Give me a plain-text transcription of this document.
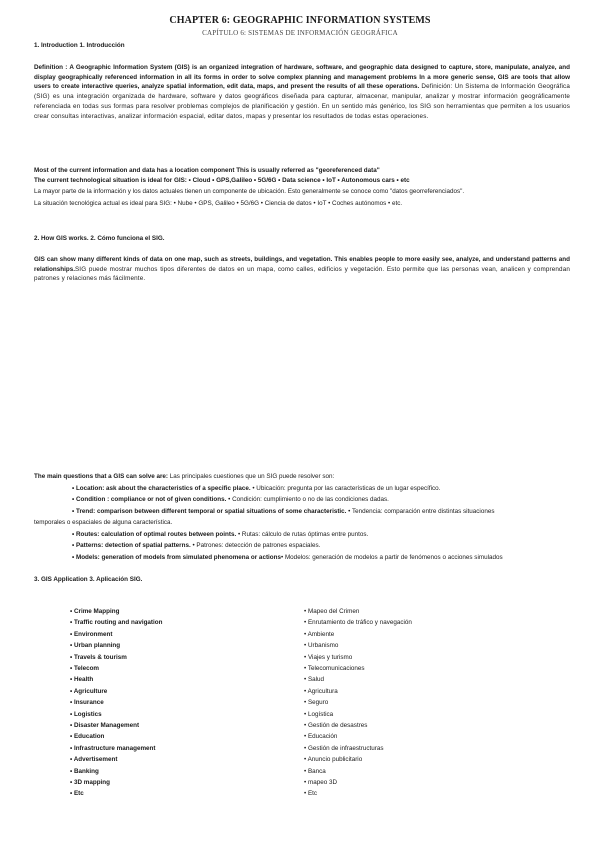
CHAPTER 6: GEOGRAPHIC INFORMATION SYSTEMS
CAPÍTULO 6: SISTEMAS DE INFORMACIÓN GEOGRÁFICA
1. Introduction 1. Introducción
Definition : A Geographic Information System (GIS) is an organized integration of hardware, software, and geographic data designed to capture, store, manipulate, analyze, and display geographically referenced information in all its forms in order to solve complex planning and management problems In a more generic sense, GIS are tools that allow users to create interactive queries, analyze spatial information, edit data, maps, and present the results of all these operations. Definición: Un Sistema de Información Geográfica (SIG) es una integración organizada de hardware, software y datos geográficos diseñada para capturar, almacenar, manipular, analizar y mostrar información geográficamente referenciada en todas sus formas para resolver problemas complejos de planificación y gestión. En un sentido más genérico, los SIG son herramientas que permiten a los usuarios crear consultas interactivas, analizar información espacial, editar datos, mapas y presentar los resultados de todas estas operaciones.
Most of the current information and data has a location component This is usually referred as "georeferenced data"
The current technological situation is ideal for GIS: • Cloud • GPS,Galileo • 5G/6G • Data science • IoT • Autonomous cars • etc
La mayor parte de la información y los datos actuales tienen un componente de ubicación. Esto generalmente se conoce como "datos georreferenciados".
La situación tecnológica actual es ideal para SIG: • Nube • GPS, Galileo • 5G/6G • Ciencia de datos • IoT • Coches autónomos • etc.
2. How GIS works. 2. Cómo funciona el SIG.
GIS can show many different kinds of data on one map, such as streets, buildings, and vegetation. This enables people to more easily see, analyze, and understand patterns and relationships.SIG puede mostrar muchos tipos diferentes de datos en un mapa, como calles, edificios y vegetación. Esto permite que las personas vean, analicen y comprendan patrones y relaciones más fácilmente.
The main questions that a GIS can solve are: Las principales cuestiones que un SIG puede resolver son:
• Location: ask about the characteristics of a specific place. • Ubicación: pregunta por las características de un lugar específico.
• Condition : compliance or not of given conditions. • Condición: cumplimiento o no de las condiciones dadas.
• Trend: comparison between different temporal or spatial situations of some characteristic. • Tendencia: comparación entre distintas situaciones
temporales o espaciales de alguna característica.
• Routes: calculation of optimal routes between points. • Rutas: cálculo de rutas óptimas entre puntos.
• Patterns: detection of spatial patterns. • Patrones: detección de patrones espaciales.
• Models: generation of models from simulated phenomena or actions• Modelos: generación de modelos a partir de fenómenos o acciones simulados
3. GIS Application 3. Aplicación SIG.
• Crime Mapping
• Traffic routing and navigation
• Environment
• Urban planning
• Travels & tourism
• Telecom
• Health
• Agriculture
• Insurance
• Logistics
• Disaster Management
• Education
• Infrastructure management
• Advertisement
• Banking
• 3D mapping
• Etc
• Mapeo del Crimen
• Enrutamiento de tráfico y navegación
• Ambiente
• Urbanismo
• Viajes y turismo
• Telecomunicaciones
• Salud
• Agricultura
• Seguro
• Logística
• Gestión de desastres
• Educación
• Gestión de infraestructuras
• Anuncio publicitario
• Banca
• mapeo 3D
• Etc
